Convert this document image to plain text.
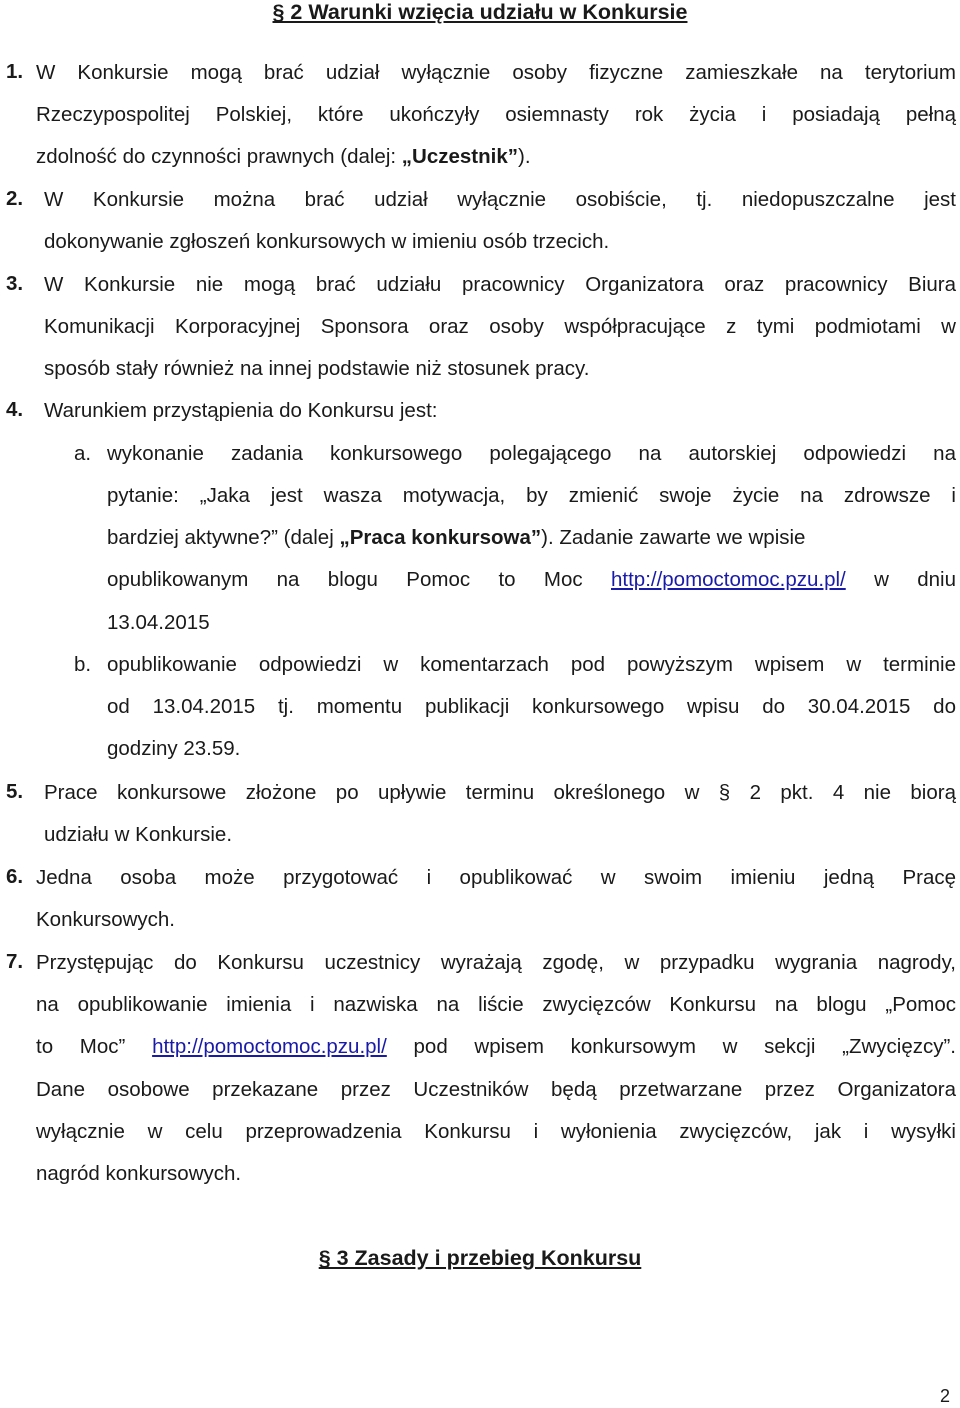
§ 2 Warunki wzięcia udziału w Konkursie
1. W Konkursie mogą brać udział wyłącznie osoby fizyczne zamieszkałe na terytorium
Rzeczypospolitej Polskiej, które ukończyły osiemnasty rok życia i posiadają pełną
zdolność do czynności prawnych (dalej: „Uczestnik”).
2. W Konkursie można brać udział wyłącznie osobiście, tj. niedopuszczalne jest
dokonywanie zgłoszeń konkursowych w imieniu osób trzecich.
3. W Konkursie nie mogą brać udziału pracownicy Organizatora oraz pracownicy Biura
Komunikacji Korporacyjnej Sponsora oraz osoby współpracujące z tymi podmiotami w
sposób stały również na innej podstawie niż stosunek pracy.
4. Warunkiem przystąpienia do Konkursu jest:
a. wykonanie zadania konkursowego polegającego na autorskiej odpowiedzi na
pytanie: „Jaka jest wasza motywacja, by zmienić swoje życie na zdrowsze i
bardziej aktywne?” (dalej „Praca konkursowa”). Zadanie zawarte we wpisie
opublikowanym na blogu Pomoc to Moc http://pomoctomoc.pzu.pl/ w dniu
13.04.2015
b. opublikowanie odpowiedzi w komentarzach pod powyższym wpisem w terminie
od 13.04.2015 tj. momentu publikacji konkursowego wpisu do 30.04.2015 do
godziny 23.59.
5. Prace konkursowe złożone po upływie terminu określonego w § 2 pkt. 4 nie biorą
udziału w Konkursie.
6. Jedna osoba może przygotować i opublikować w swoim imieniu jedną Pracę
Konkursowych.
7. Przystępując do Konkursu uczestnicy wyrażają zgodę, w przypadku wygrania nagrody,
na opublikowanie imienia i nazwiska na liście zwycięzców Konkursu na blogu „Pomoc
to Moc” http://pomoctomoc.pzu.pl/ pod wpisem konkursowym w sekcji „Zwycięzcy”.
Dane osobowe przekazane przez Uczestników będą przetwarzane przez Organizatora
wyłącznie w celu przeprowadzenia Konkursu i wyłonienia zwycięzców, jak i wysyłki
nagród konkursowych.
§ 3 Zasady i przebieg Konkursu
2
